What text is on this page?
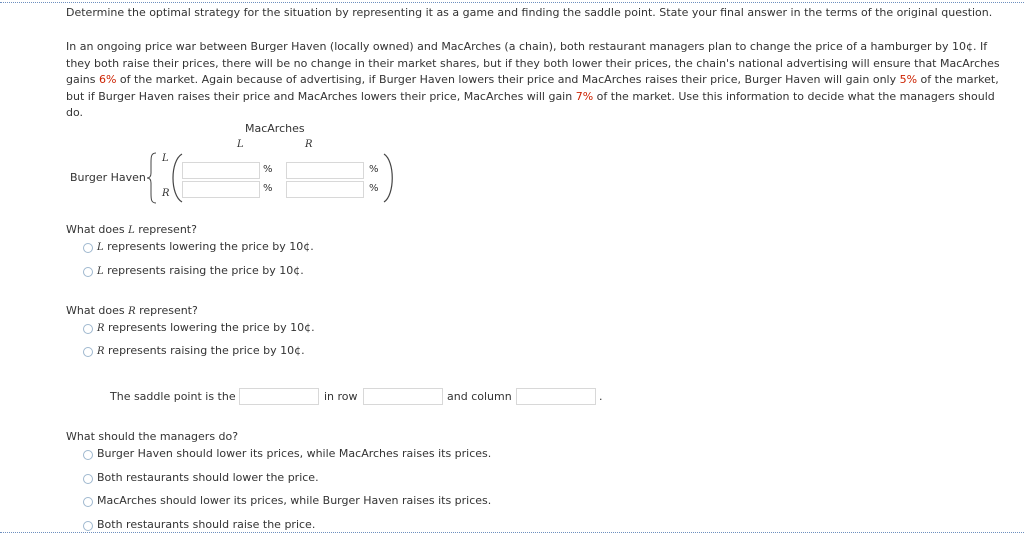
Determine the optimal strategy for the situation by representing it as a game and finding the saddle point. State your final answer in the terms of the original question.
In an ongoing price war between Burger Haven (locally owned) and MacArches (a chain), both restaurant managers plan to change the price of a hamburger by 10¢. If they both raise their prices, there will be no change in their market shares, but if they both lower their prices, the chain's national advertising will ensure that MacArches gains 6% of the market. Again because of advertising, if Burger Haven lowers their price and MacArches raises their price, Burger Haven will gain only 5% of the market, but if Burger Haven raises their price and MacArches lowers their price, MacArches will gain 7% of the market. Use this information to decide what the managers should do.
MacArches
L	R
Burger Haven
L
R
%	%
%	%
What does L represent?
L represents lowering the price by 10¢.
L represents raising the price by 10¢.
What does R represent?
R represents lowering the price by 10¢.
R represents raising the price by 10¢.
The saddle point is the	in row	and column	.
What should the managers do?
Burger Haven should lower its prices, while MacArches raises its prices.
Both restaurants should lower the price.
MacArches should lower its prices, while Burger Haven raises its prices.
Both restaurants should raise the price.
